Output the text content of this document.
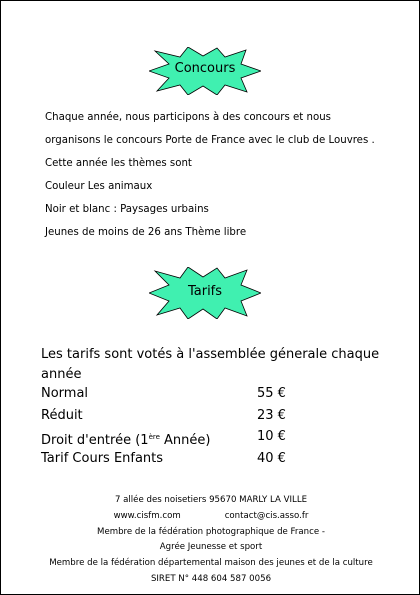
Concours

Chaque année, nous participons à des concours et nous

organisons le concours Porte de France avec le club de Louvres .

Cette année les thèmes sont

Couleur Les animaux

Noir et blanc : Paysages urbains

Jeunes de moins de 26 ans Thème libre

Tarifs
Les tarifs sont votés à l'assemblée génerale chaque année
Normal	55 €
Réduit	23 €
Droit d'entrée (1ère Année)	10 €
Tarif Cours Enfants	40 €

7 allée des noisetiers 95670 MARLY LA VILLE

www.cisfm.com	contact@cis.asso.fr

Membre de la fédération photographique de France -

Agrée Jeunesse et sport

Membre de la fédération départemental maison des jeunes et de la culture

SIRET N° 448 604 587 0056
